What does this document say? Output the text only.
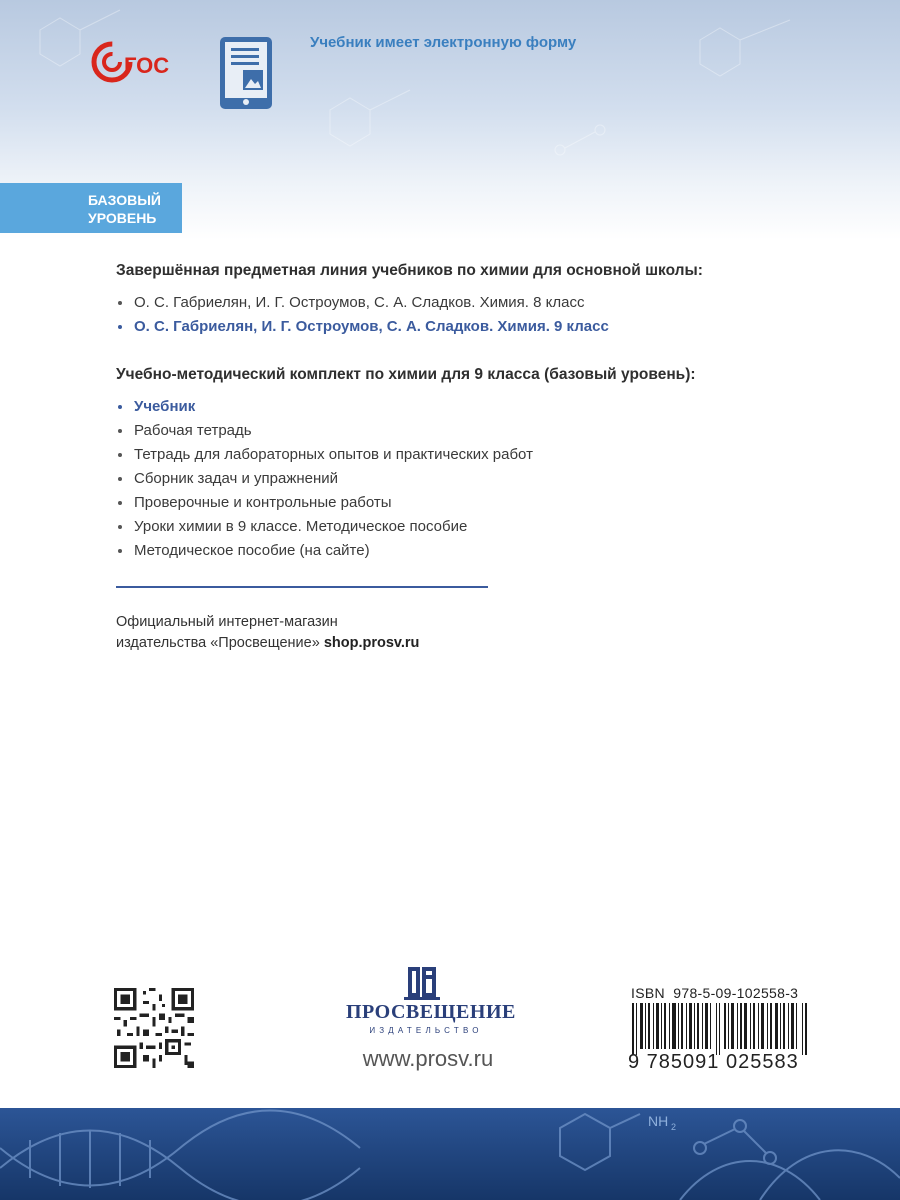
ГОС
Учебник имеет электронную форму
БАЗОВЫЙ
УРОВЕНЬ
Завершённая предметная линия учебников по химии для основной школы:
О. С. Габриелян, И. Г. Остроумов, С. А. Сладков. Химия. 8 класс
О. С. Габриелян, И. Г. Остроумов, С. А. Сладков. Химия. 9 класс
Учебно-методический комплект по химии для 9 класса (базовый уровень):
Учебник
Рабочая тетрадь
Тетрадь для лабораторных опытов и практических работ
Сборник задач и упражнений
Проверочные и контрольные работы
Уроки химии в 9 классе. Методическое пособие
Методическое пособие (на сайте)
Официальный интернет-магазин
издательства «Просвещение» shop.prosv.ru
ПРОСВЕЩЕНИЕ
ИЗДАТЕЛЬСТВО
www.prosv.ru
ISBN 978-5-09-102558-3
9 785091 025583
NH 2
